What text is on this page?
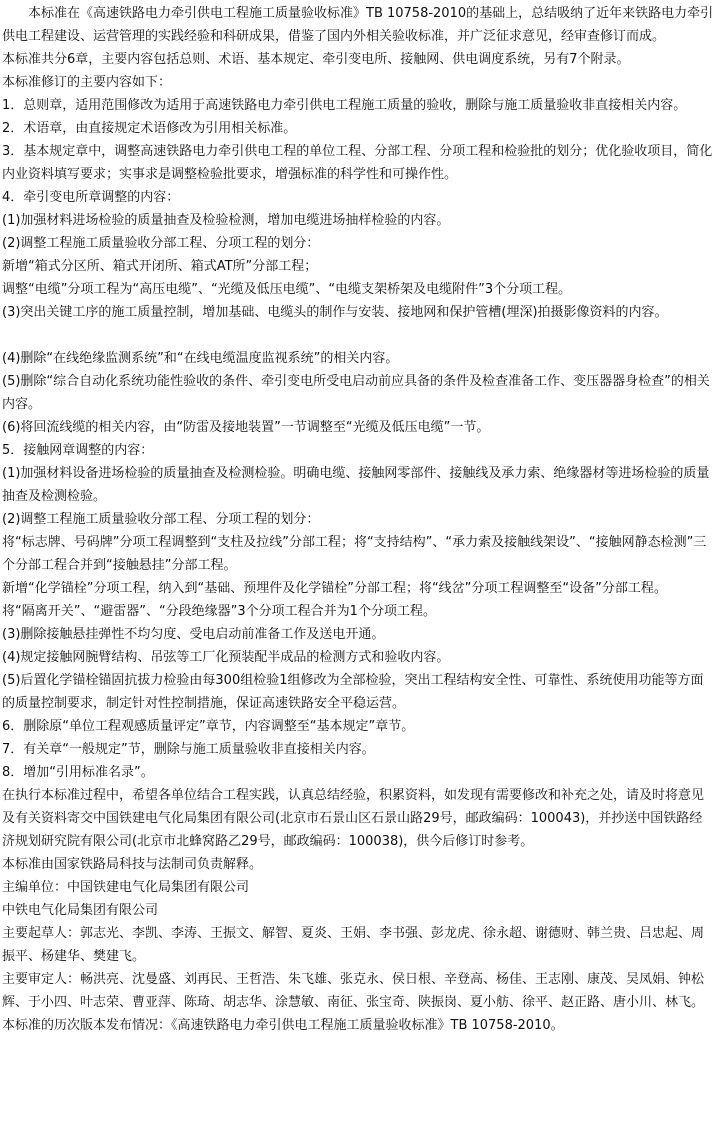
本标准在《高速铁路电力牵引供电工程施工质量验收标准》TB 10758-2010的基础上，总结吸纳了近年来铁路电力牵引供电工程建设、运营管理的实践经验和科研成果，借鉴了国内外相关验收标准，并广泛征求意见，经审查修订而成。

本标准共分6章，主要内容包括总则、术语、基本规定、牵引变电所、接触网、供电调度系统，另有7个附录。

本标准修订的主要内容如下：

1．总则章，适用范围修改为适用于高速铁路电力牵引供电工程施工质量的验收，删除与施工质量验收非直接相关内容。

2．术语章，由直接规定术语修改为引用相关标准。

3．基本规定章中，调整高速铁路电力牵引供电工程的单位工程、分部工程、分项工程和检验批的划分；优化验收项目，简化内业资料填写要求；实事求是调整检验批要求，增强标准的科学性和可操作性。

4．牵引变电所章调整的内容：

(1)加强材料进场检验的质量抽查及检验检测，增加电缆进场抽样检验的内容。

(2)调整工程施工质量验收分部工程、分项工程的划分：

新增“箱式分区所、箱式开闭所、箱式AT所”分部工程；

调整“电缆”分项工程为“高压电缆”、“光缆及低压电缆”、“电缆支架桥架及电缆附件”3个分项工程。

(3)突出关键工序的施工质量控制，增加基础、电缆头的制作与安装、接地网和保护管槽(埋深)拍摄影像资料的内容。

(4)删除“在线绝缘监测系统”和“在线电缆温度监视系统”的相关内容。

(5)删除“综合自动化系统功能性验收的条件、牵引变电所受电启动前应具备的条件及检查准备工作、变压器器身检查”的相关内容。

(6)将回流线缆的相关内容，由“防雷及接地装置”一节调整至“光缆及低压电缆”一节。

5．接触网章调整的内容：

(1)加强材料设备进场检验的质量抽查及检测检验。明确电缆、接触网零部件、接触线及承力索、绝缘器材等进场检验的质量抽查及检测检验。

(2)调整工程施工质量验收分部工程、分项工程的划分：

将“标志牌、号码牌”分项工程调整到“支柱及拉线”分部工程；将“支持结构”、“承力索及接触线架设”、“接触网静态检测”三个分部工程合并到“接触悬挂”分部工程。

新增“化学锚栓”分项工程，纳入到“基础、预埋件及化学锚栓”分部工程；将“线岔”分项工程调整至“设备”分部工程。

将“隔离开关”、“避雷器”、“分段绝缘器”3个分项工程合并为1个分项工程。

(3)删除接触悬挂弹性不均匀度、受电启动前准备工作及送电开通。

(4)规定接触网腕臂结构、吊弦等工厂化预装配半成品的检测方式和验收内容。

(5)后置化学锚栓锚固抗拔力检验由每300组检验1组修改为全部检验，突出工程结构安全性、可靠性、系统使用功能等方面的质量控制要求，制定针对性控制措施，保证高速铁路安全平稳运营。

6．删除原“单位工程观感质量评定”章节，内容调整至“基本规定”章节。

7．有关章“一般规定”节，删除与施工质量验收非直接相关内容。

8．增加“引用标准名录”。

在执行本标准过程中，希望各单位结合工程实践，认真总结经验，积累资料，如发现有需要修改和补充之处，请及时将意见及有关资料寄交中国铁建电气化局集团有限公司(北京市石景山区石景山路29号，邮政编码：100043)，并抄送中国铁路经济规划研究院有限公司(北京市北蜂窝路乙29号，邮政编码：100038)，供今后修订时参考。

本标准由国家铁路局科技与法制司负责解释。

主编单位：中国铁建电气化局集团有限公司

中铁电气化局集团有限公司

主要起草人：郭志光、李凯、李涛、王振文、解智、夏炎、王娟、李书强、彭龙虎、徐永超、谢德财、韩兰贵、吕忠起、周振平、杨建华、樊建飞。

主要审定人：畅洪亮、沈曼盛、刘再民、王哲浩、朱飞雄、张克永、侯日根、辛登高、杨佳、王志刚、康茂、吴凤娟、钟松辉、于小四、叶志荣、曹亚萍、陈琦、胡志华、涂慧敏、南征、张宝奇、陕振岗、夏小舫、徐平、赵正路、唐小川、林飞。

本标准的历次版本发布情况：《高速铁路电力牵引供电工程施工质量验收标准》TB 10758-2010。
